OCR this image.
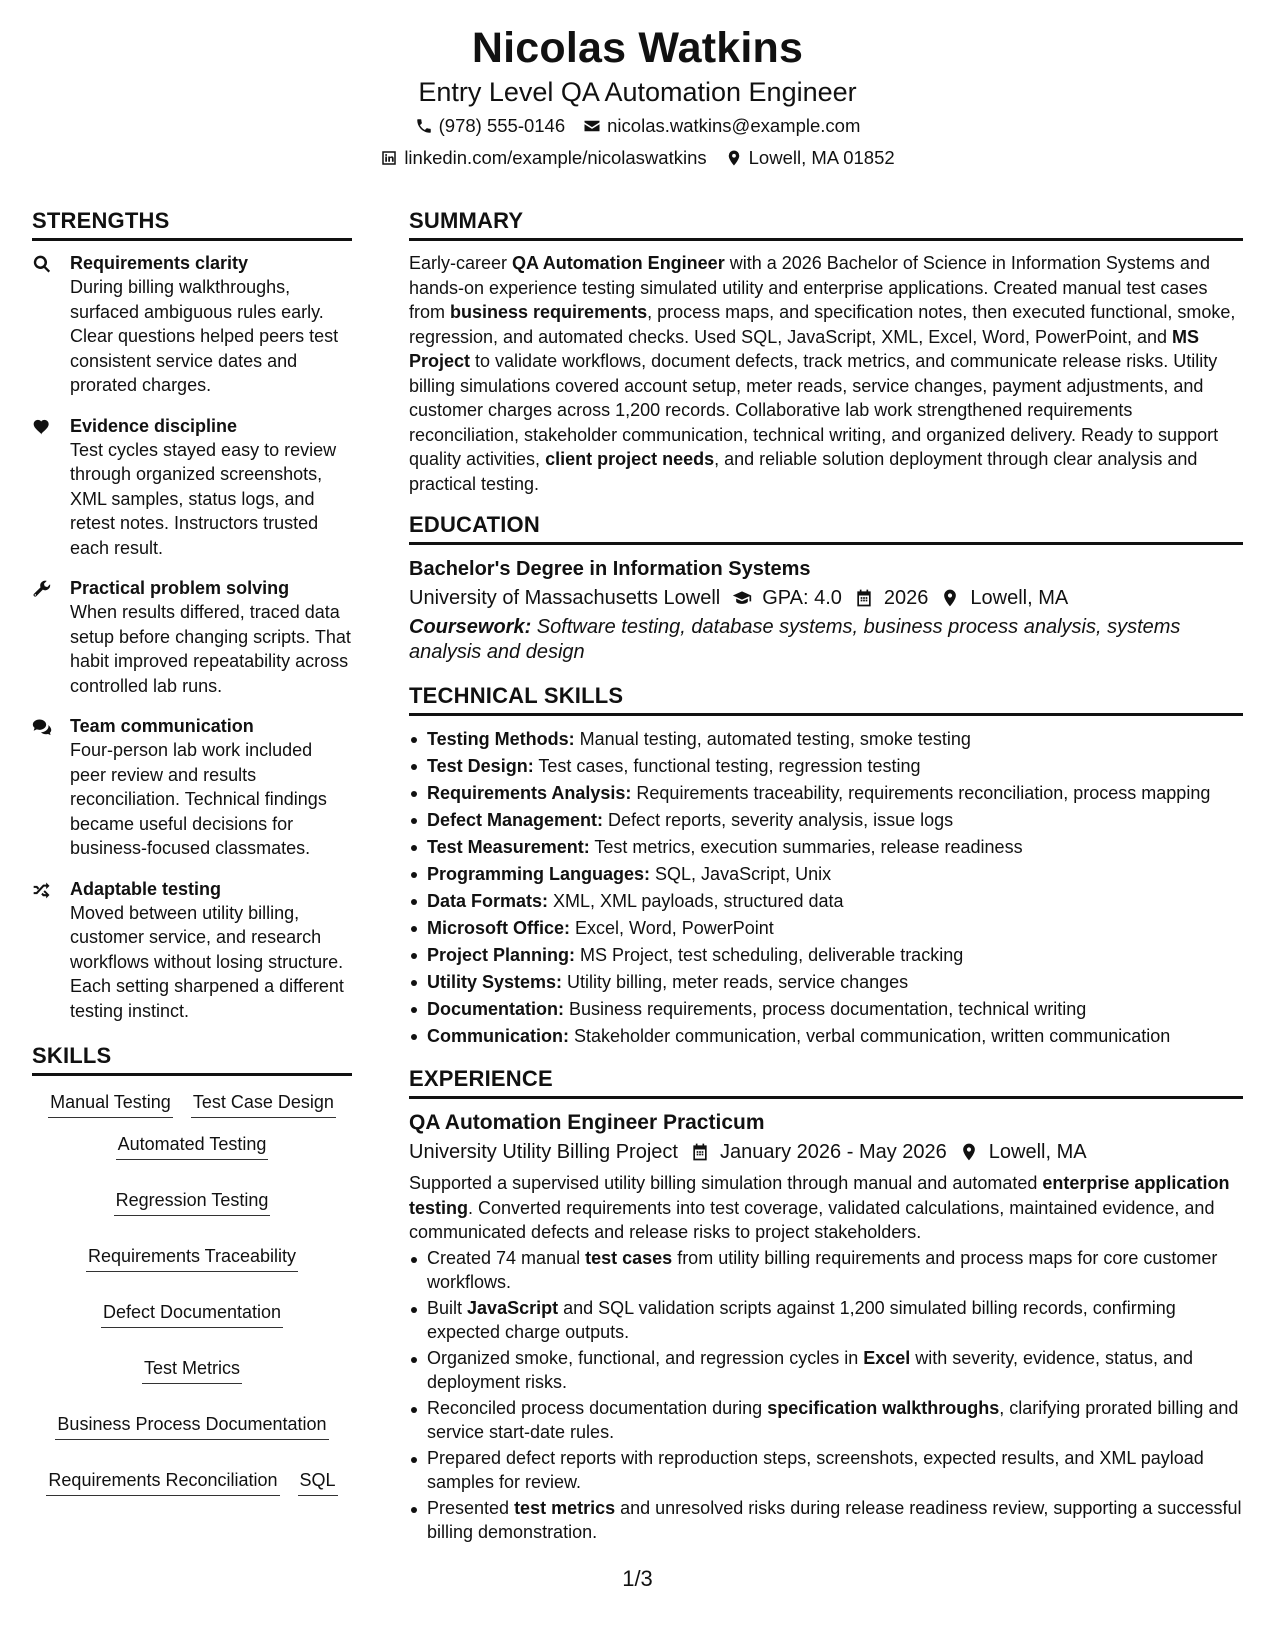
Nicolas Watkins
Entry Level QA Automation Engineer
(978) 555-0146 nicolas.watkins@example.com
linkedin.com/example/nicolaswatkins Lowell, MA 01852
STRENGTHS
Requirements clarity
During billing walkthroughs, surfaced ambiguous rules early. Clear questions helped peers test consistent service dates and prorated charges.
Evidence discipline
Test cycles stayed easy to review through organized screenshots, XML samples, status logs, and retest notes. Instructors trusted each result.
Practical problem solving
When results differed, traced data setup before changing scripts. That habit improved repeatability across controlled lab runs.
Team communication
Four-person lab work included peer review and results reconciliation. Technical findings became useful decisions for business-focused classmates.
Adaptable testing
Moved between utility billing, customer service, and research workflows without losing structure. Each setting sharpened a different testing instinct.
SKILLS
Manual Testing Test Case Design
Automated Testing
Regression Testing
Requirements Traceability
Defect Documentation
Test Metrics
Business Process Documentation
Requirements Reconciliation SQL
SUMMARY
Early-career QA Automation Engineer with a 2026 Bachelor of Science in Information Systems and hands-on experience testing simulated utility and enterprise applications. Created manual test cases from business requirements, process maps, and specification notes, then executed functional, smoke, regression, and automated checks. Used SQL, JavaScript, XML, Excel, Word, PowerPoint, and MS Project to validate workflows, document defects, track metrics, and communicate release risks. Utility billing simulations covered account setup, meter reads, service changes, payment adjustments, and customer charges across 1,200 records. Collaborative lab work strengthened requirements reconciliation, stakeholder communication, technical writing, and organized delivery. Ready to support quality activities, client project needs, and reliable solution deployment through clear analysis and practical testing.
EDUCATION
Bachelor's Degree in Information Systems
University of Massachusetts Lowell GPA: 4.0 2026 Lowell, MA
Coursework: Software testing, database systems, business process analysis, systems analysis and design
TECHNICAL SKILLS
Testing Methods: Manual testing, automated testing, smoke testing
Test Design: Test cases, functional testing, regression testing
Requirements Analysis: Requirements traceability, requirements reconciliation, process mapping
Defect Management: Defect reports, severity analysis, issue logs
Test Measurement: Test metrics, execution summaries, release readiness
Programming Languages: SQL, JavaScript, Unix
Data Formats: XML, XML payloads, structured data
Microsoft Office: Excel, Word, PowerPoint
Project Planning: MS Project, test scheduling, deliverable tracking
Utility Systems: Utility billing, meter reads, service changes
Documentation: Business requirements, process documentation, technical writing
Communication: Stakeholder communication, verbal communication, written communication
EXPERIENCE
QA Automation Engineer Practicum
University Utility Billing Project January 2026 - May 2026 Lowell, MA
Supported a supervised utility billing simulation through manual and automated enterprise application testing. Converted requirements into test coverage, validated calculations, maintained evidence, and communicated defects and release risks to project stakeholders.
Created 74 manual test cases from utility billing requirements and process maps for core customer workflows.
Built JavaScript and SQL validation scripts against 1,200 simulated billing records, confirming expected charge outputs.
Organized smoke, functional, and regression cycles in Excel with severity, evidence, status, and deployment risks.
Reconciled process documentation during specification walkthroughs, clarifying prorated billing and service start-date rules.
Prepared defect reports with reproduction steps, screenshots, expected results, and XML payload samples for review.
Presented test metrics and unresolved risks during release readiness review, supporting a successful billing demonstration.
1/3
